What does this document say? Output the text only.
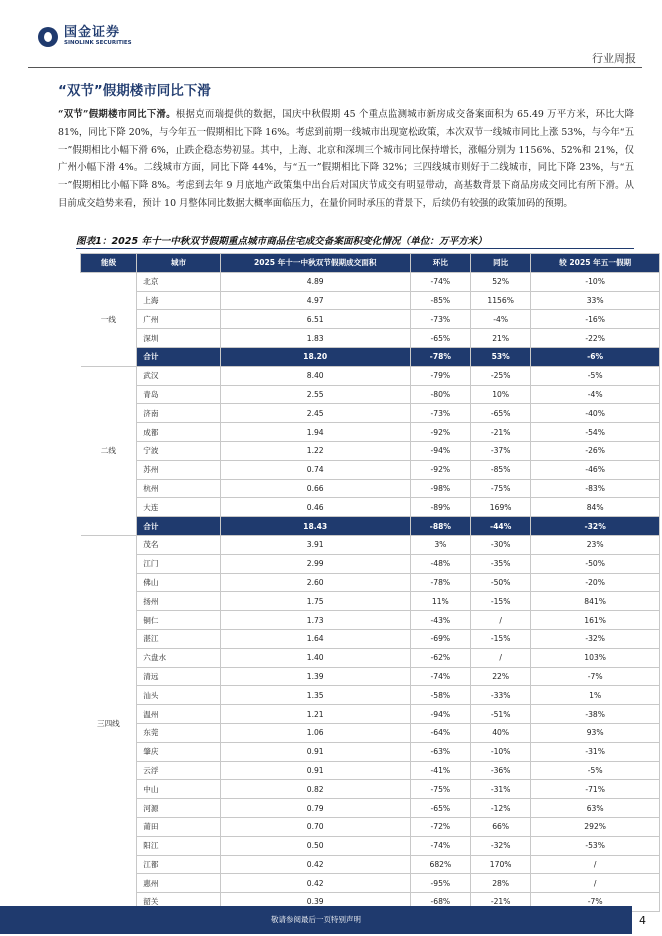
国金证券
SINOLINK SECURITIES
行业周报
“双节”假期楼市同比下滑

“双节”假期楼市同比下滑。根据克而瑞提供的数据，国庆中秋假期 45 个重点监测城市新房成交备案面积为 65.49 万平方米，环比大降 81%，同比下降 20%，与今年五一假期相比下降 16%。考虑到前期一线城市出现宽松政策，本次双节一线城市同比上涨 53%，与今年“五一”假期相比小幅下滑 6%，止跌企稳态势初显。其中，上海、北京和深圳三个城市同比保持增长，涨幅分别为 1156%、52%和 21%，仅广州小幅下滑 4%。二线城市方面，同比下降 44%，与“五一”假期相比下降 32%；三四线城市则好于二线城市，同比下降 23%，与“五一”假期相比小幅下降 8%。考虑到去年 9 月底地产政策集中出台后对国庆节成交有明显带动，高基数背景下商品房成交同比有所下滑。从目前成交趋势来看，预计 10 月整体同比数据大概率面临压力，在量价同时承压的背景下，后续仍有较强的政策加码的预期。

图表1：2025 年十一中秋双节假期重点城市商品住宅成交备案面积变化情况（单位：万平方米）
能级	城市	2025 年十一中秋双节假期成交面积	环比	同比	较 2025 年五一假期
一线	北京	4.89	-74%	52%	-10%
	上海	4.97	-85%	1156%	33%
	广州	6.51	-73%	-4%	-16%
	深圳	1.83	-65%	21%	-22%
	合计	18.20	-78%	53%	-6%
二线	武汉	8.40	-79%	-25%	-5%
	青岛	2.55	-80%	10%	-4%
	济南	2.45	-73%	-65%	-40%
	成都	1.94	-92%	-21%	-54%
	宁波	1.22	-94%	-37%	-26%
	苏州	0.74	-92%	-85%	-46%
	杭州	0.66	-98%	-75%	-83%
	大连	0.46	-89%	169%	84%
	合计	18.43	-88%	-44%	-32%
三四线	茂名	3.91	3%	-30%	23%
	江门	2.99	-48%	-35%	-50%
	佛山	2.60	-78%	-50%	-20%
	扬州	1.75	11%	-15%	841%
	铜仁	1.73	-43%	/	161%
	湛江	1.64	-69%	-15%	-32%
	六盘水	1.40	-62%	/	103%
	清远	1.39	-74%	22%	-7%
	汕头	1.35	-58%	-33%	1%
	温州	1.21	-94%	-51%	-38%
	东莞	1.06	-64%	40%	93%
	肇庆	0.91	-63%	-10%	-31%
	云浮	0.91	-41%	-36%	-5%
	中山	0.82	-75%	-31%	-71%
	河源	0.79	-65%	-12%	63%
	莆田	0.70	-72%	66%	292%
	阳江	0.50	-74%	-32%	-53%
	江都	0.42	682%	170%	/
	惠州	0.42	-95%	28%	/
	韶关	0.39	-68%	-21%	-7%
敬请参阅最后一页特别声明	4
